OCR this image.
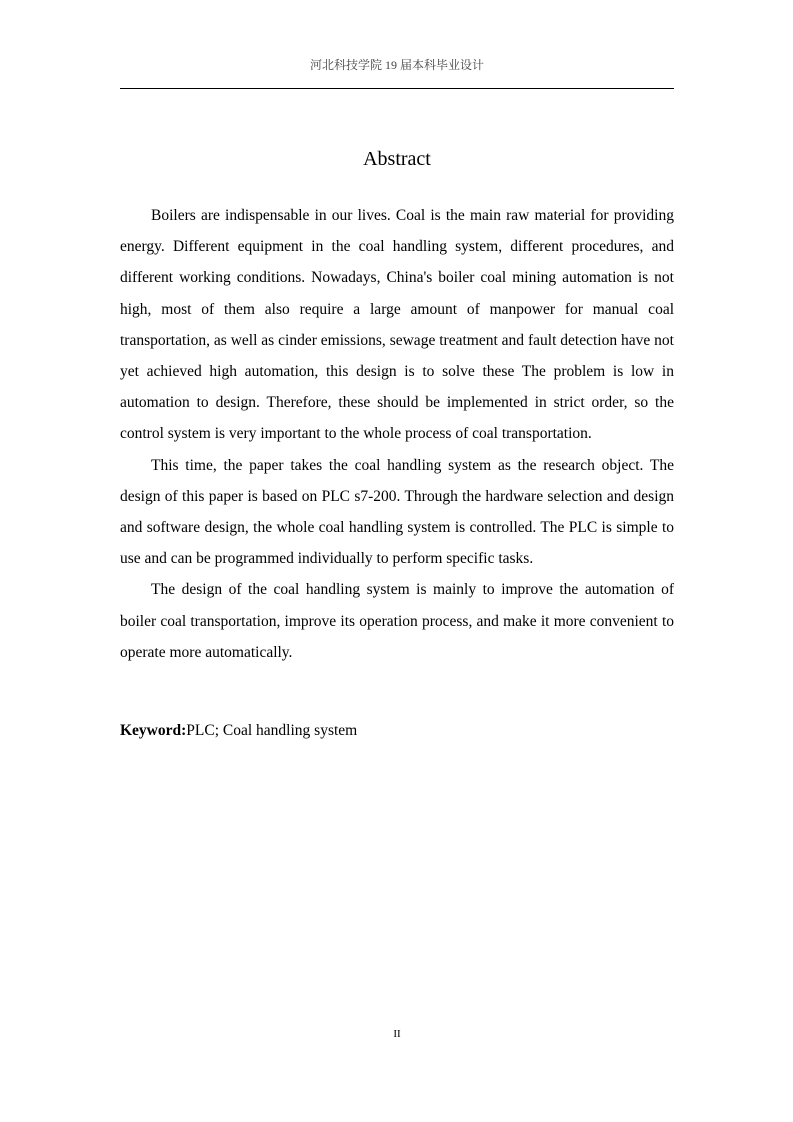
河北科技学院 19 届本科毕业设计
Abstract

Boilers are indispensable in our lives. Coal is the main raw material for providing energy. Different equipment in the coal handling system, different procedures, and different working conditions. Nowadays, China's boiler coal mining automation is not high, most of them also require a large amount of manpower for manual coal transportation, as well as cinder emissions, sewage treatment and fault detection have not yet achieved high automation, this design is to solve these The problem is low in automation to design. Therefore, these should be implemented in strict order, so the control system is very important to the whole process of coal transportation.

This time, the paper takes the coal handling system as the research object. The design of this paper is based on PLC s7-200. Through the hardware selection and design and software design, the whole coal handling system is controlled. The PLC is simple to use and can be programmed individually to perform specific tasks.

The design of the coal handling system is mainly to improve the automation of boiler coal transportation, improve its operation process, and make it more convenient to operate more automatically.

Keyword:PLC; Coal handling system
II
